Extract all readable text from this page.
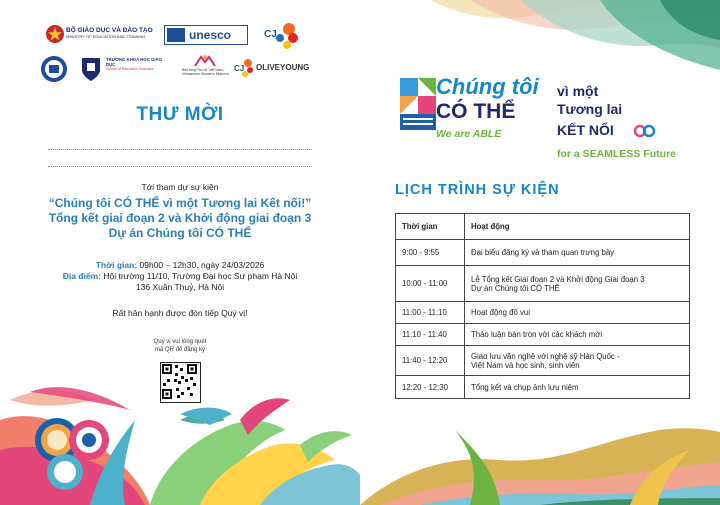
BỘ GIÁO DỤC VÀ ĐÀO TẠO
MINISTRY OF EDUCATION AND TRAINING	unesco	CJ
TRƯỜNG KHOA HỌC GIÁO DỤC
School of Education Sciences	Bảo tàng Phụ nữ Việt Nam / Vietnamese Women's Museum
CJ OLIVEYOUNG
THƯ MỜI
Tới tham dự sự kiện
“Chúng tôi CÓ THỂ vì một Tương lai Kết nối!”
Tổng kết giai đoạn 2 và Khởi động giai đoạn 3
Dự án Chúng tôi CÓ THỂ
Thời gian: 09h00 – 12h30, ngày 24/03/2026
Địa điểm: Hội trường 11/10, Trường Đại học Sư phạm Hà Nội
136 Xuân Thuỷ, Hà Nội
Rất hân hạnh được đón tiếp Quý vị!
Quý vị vui lòng quét
mã QR để đăng ký
Chúng tôi
CÓ THỂ
We are ABLE
vì một
Tương lai
KẾT NỐI
for a SEAMLESS Future
LỊCH TRÌNH SỰ KIỆN
Thời gian	Hoạt động
9:00 - 9:55	Đại biểu đăng ký và tham quan trưng bày
10:00 - 11:00	Lễ Tổng kết Giai đoạn 2 và Khởi động Giai đoạn 3
Dự án Chúng tôi CÓ THỂ

11:00 - 11:10	Hoạt động đố vui
11:10 - 11:40	Thảo luận bàn tròn với các khách mời
11:40 - 12:20	Giao lưu văn nghệ với nghệ sỹ Hàn Quốc -
Việt Nam và học sinh, sinh viên

12:20 - 12:30	Tổng kết và chụp ảnh lưu niệm
